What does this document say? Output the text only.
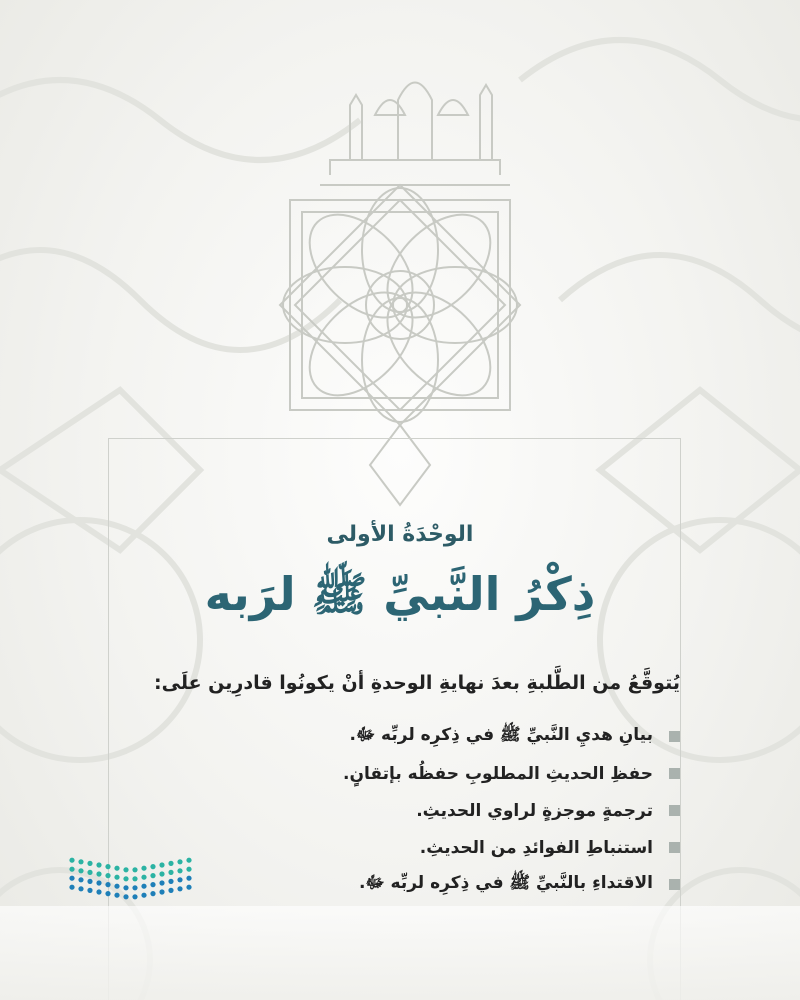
الوحْدَةُ الأولى
ذِكْرُ النَّبيِّ ﷺ لرَبه
يُتوقَّعُ من الطَّلبةِ بعدَ نهايةِ الوحدةِ أنْ يكونُوا قادرِين علَى:
بيانِ هديِ النَّبيِّ ﷺ في ذِكرِه لربِّه ﷻ.
حفظِ الحديثِ المطلوبِ حفظُه بإتقانٍ.
ترجمةٍ موجزةٍ لراوي الحديثِ.
استنباطِ الفوائدِ من الحديثِ.
الاقتداءِ بالنَّبيِّ ﷺ في ذِكرِه لربِّه ﷻ.
